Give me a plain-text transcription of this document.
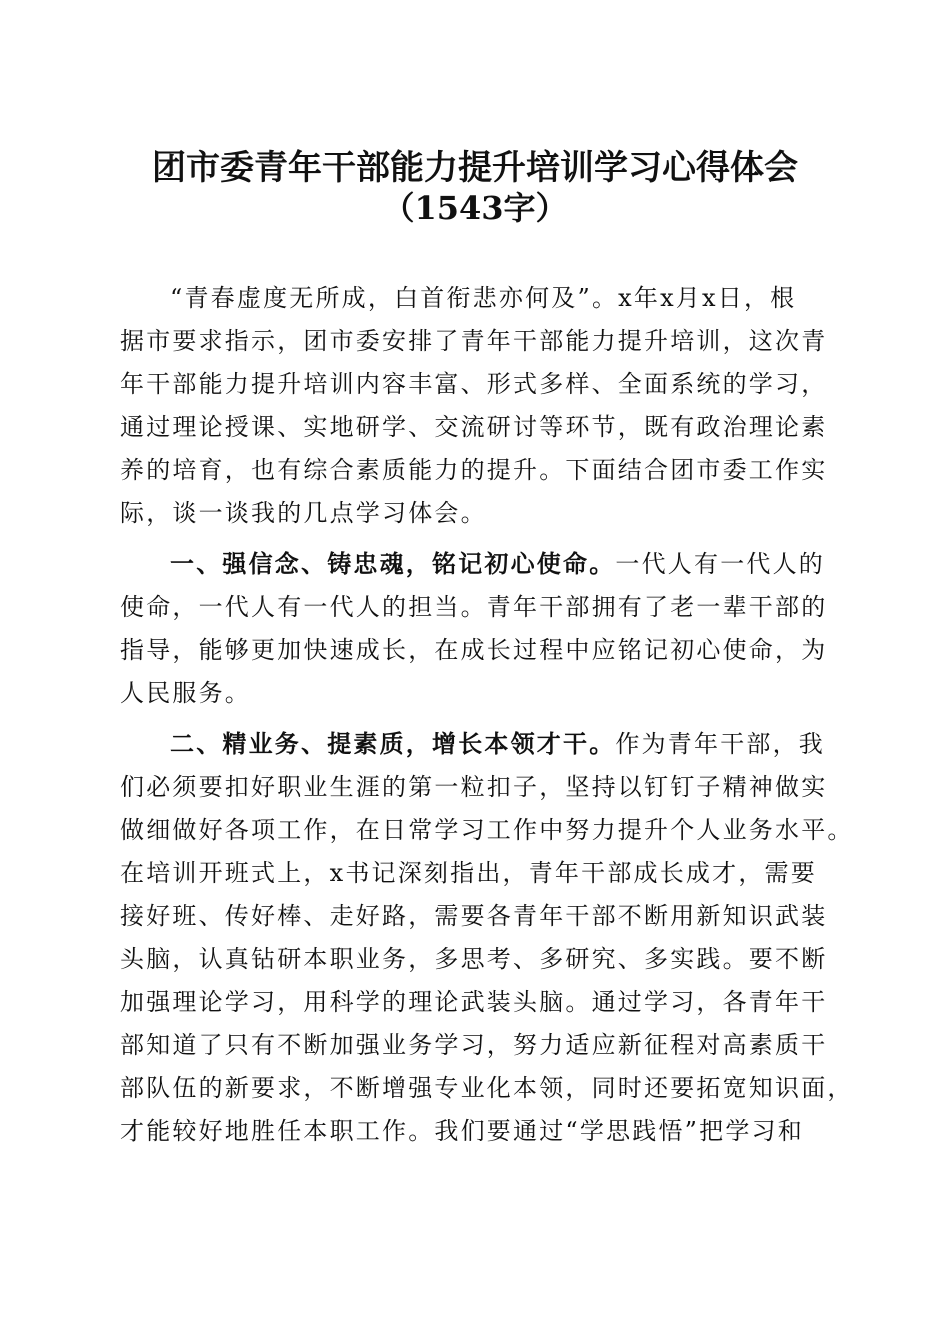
团市委青年干部能力提升培训学习心得体会
（1543字）
“青春虚度无所成，白首衔悲亦何及”。x年x月x日，根
据市要求指示，团市委安排了青年干部能力提升培训，这次青
年干部能力提升培训内容丰富、形式多样、全面系统的学习，
通过理论授课、实地研学、交流研讨等环节，既有政治理论素
养的培育，也有综合素质能力的提升。下面结合团市委工作实
际，谈一谈我的几点学习体会。
一、强信念、铸忠魂，铭记初心使命。一代人有一代人的
使命，一代人有一代人的担当。青年干部拥有了老一辈干部的
指导，能够更加快速成长，在成长过程中应铭记初心使命，为
人民服务。
二、精业务、提素质，增长本领才干。作为青年干部，我
们必须要扣好职业生涯的第一粒扣子，坚持以钉钉子精神做实
做细做好各项工作，在日常学习工作中努力提升个人业务水平。
在培训开班式上，x书记深刻指出，青年干部成长成才，需要
接好班、传好棒、走好路，需要各青年干部不断用新知识武装
头脑，认真钻研本职业务，多思考、多研究、多实践。要不断
加强理论学习，用科学的理论武装头脑。通过学习，各青年干
部知道了只有不断加强业务学习，努力适应新征程对高素质干
部队伍的新要求，不断增强专业化本领，同时还要拓宽知识面，
才能较好地胜任本职工作。我们要通过“学思践悟”把学习和
